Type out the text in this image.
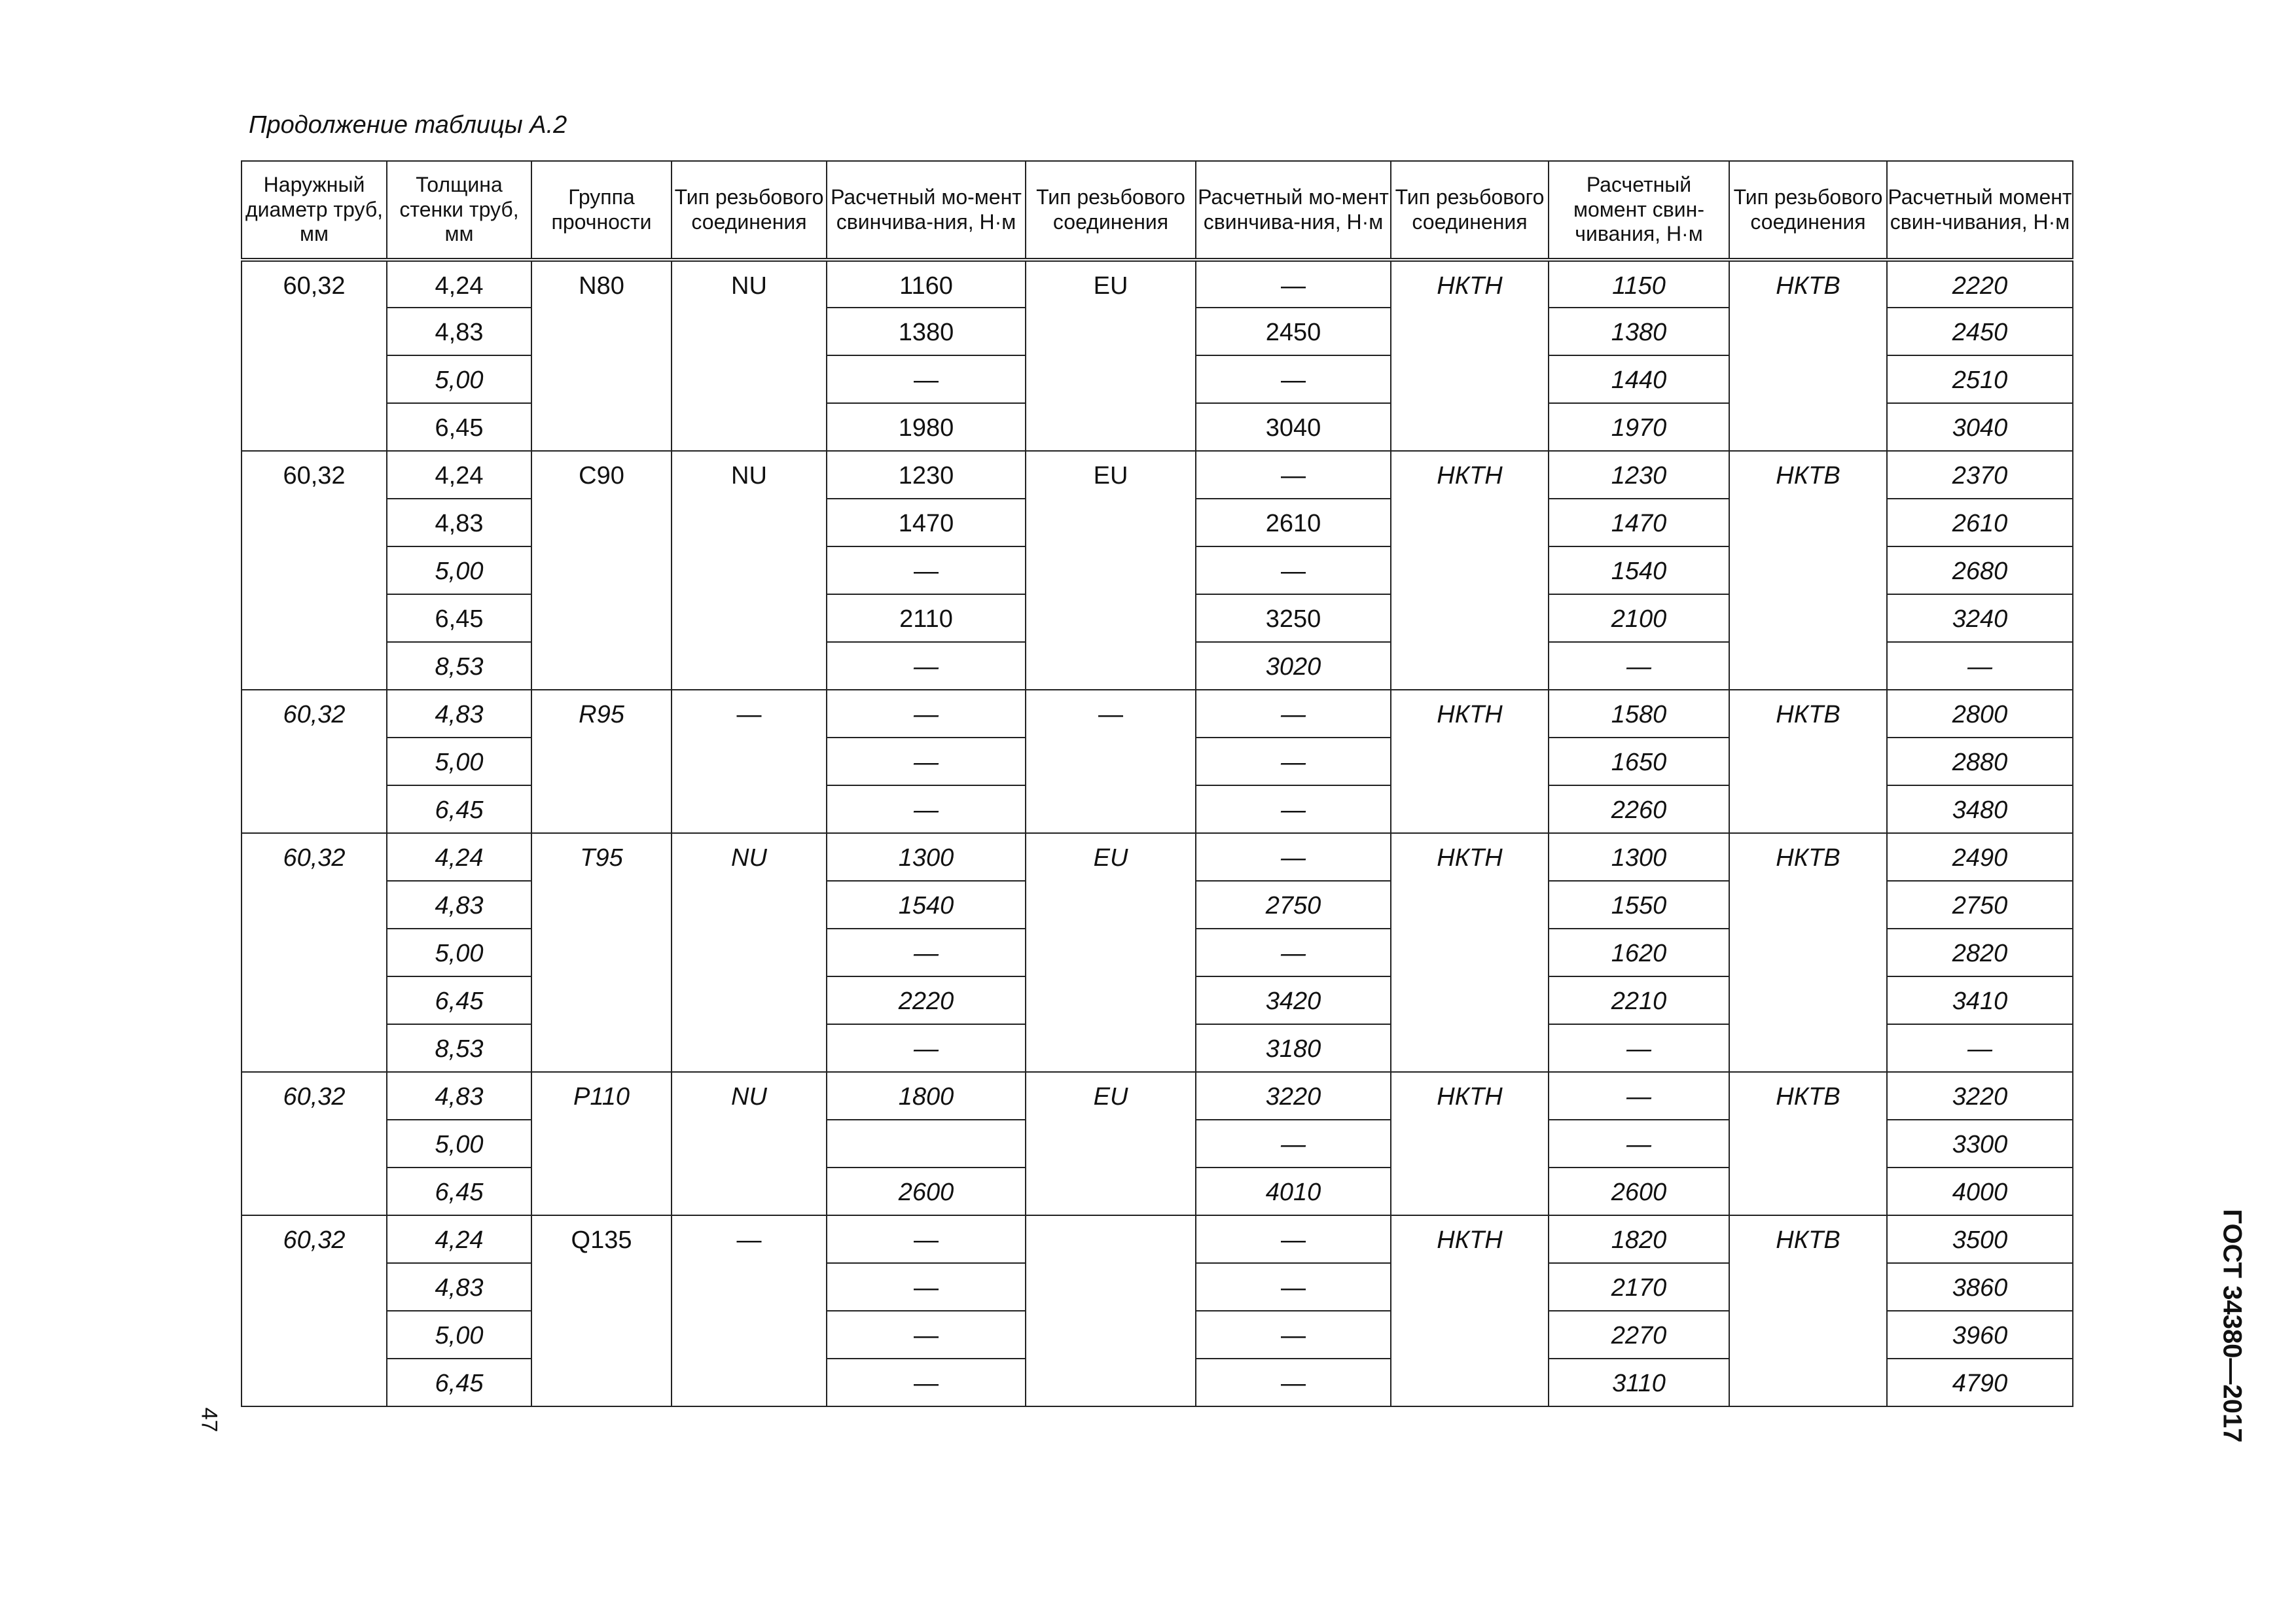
Продолжение таблицы А.2
Наружный диаметр труб, мм	Толщина стенки труб, мм	Группа прочности	Тип резьбового соединения	Расчетный мо-мент свинчива-ния, Н·м	Тип резьбового соединения	Расчетный мо-мент свинчива-ния, Н·м	Тип резьбового соединения	Расчетный момент свин-чивания, Н·м	Тип резьбового соединения	Расчетный момент свин-чивания, Н·м
60,32	4,24	N80	NU	1160	EU	—	НКТН	1150	НКТВ	2220
	4,83			1380		2450		1380		2450
	5,00			—		—		1440		2510
	6,45			1980		3040		1970		3040
60,32	4,24	C90	NU	1230	EU	—	НКТН	1230	НКТВ	2370
	4,83			1470		2610		1470		2610
	5,00			—		—		1540		2680
	6,45			2110		3250		2100		3240
	8,53			—		3020		—		—
60,32	4,83	R95	—	—	—	—	НКТН	1580	НКТВ	2800
	5,00			—		—		1650		2880
	6,45			—		—		2260		3480
60,32	4,24	T95	NU	1300	EU	—	НКТН	1300	НКТВ	2490
	4,83			1540		2750		1550		2750
	5,00			—		—		1620		2820
	6,45			2220		3420		2210		3410
	8,53			—		3180		—		—
60,32	4,83	P110	NU	1800	EU	3220	НКТН	—	НКТВ	3220
	5,00					—		—		3300
	6,45			2600		4010		2600		4000
60,32	4,24	Q135	—	—		—	НКТН	1820	НКТВ	3500
	4,83			—		—		2170		3860
	5,00			—		—		2270		3960
	6,45			—		—		3110		4790
47	ГОСТ 34380—2017
